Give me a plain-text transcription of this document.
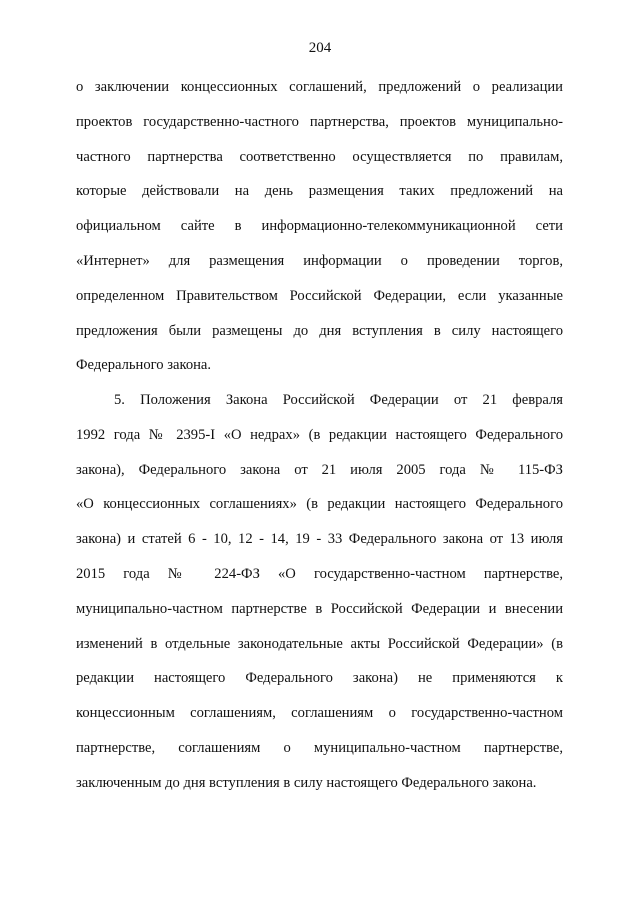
204
о заключении концессионных соглашений, предложений о реализации
проектов государственно-частного партнерства, проектов муниципально-
частного партнерства соответственно осуществляется по правилам,
которые действовали на день размещения таких предложений на
официальном сайте в информационно-телекоммуникационной сети
«Интернет» для размещения информации о проведении торгов,
определенном Правительством Российской Федерации, если указанные
предложения были размещены до дня вступления в силу настоящего
Федерального закона.
5. Положения Закона Российской Федерации от 21 февраля
1992 года № 2395-I «О недрах» (в редакции настоящего Федерального
закона), Федерального закона от 21 июля 2005 года № 115-ФЗ
«О концессионных соглашениях» (в редакции настоящего Федерального
закона) и статей 6 - 10, 12 - 14, 19 - 33 Федерального закона от 13 июля
2015 года № 224-ФЗ «О государственно-частном партнерстве,
муниципально-частном партнерстве в Российской Федерации и внесении
изменений в отдельные законодательные акты Российской Федерации» (в
редакции настоящего Федерального закона) не применяются к
концессионным соглашениям, соглашениям о государственно-частном
партнерстве, соглашениям о муниципально-частном партнерстве,
заключенным до дня вступления в силу настоящего Федерального закона.
